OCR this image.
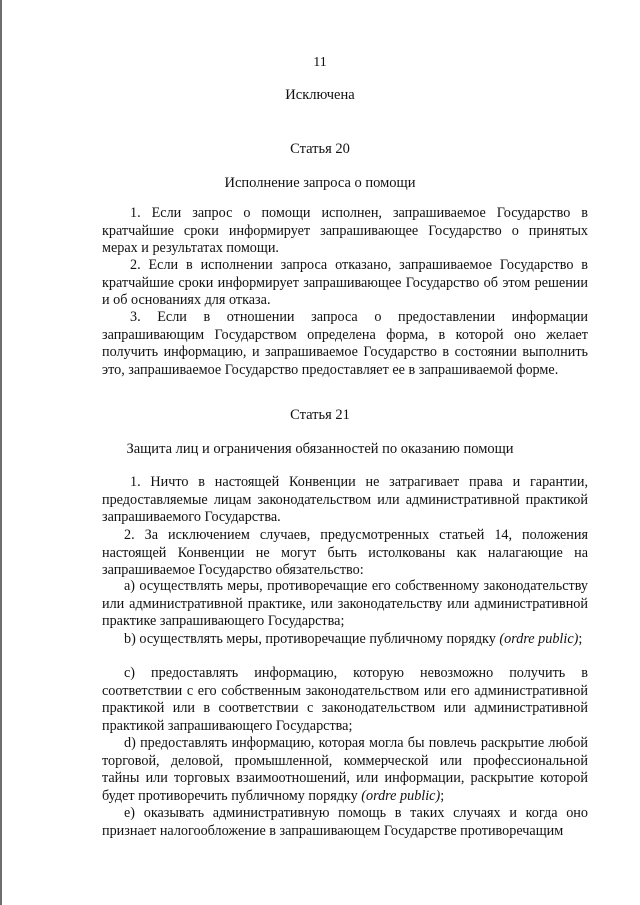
11
Исключена
Статья 20
Исполнение запроса о помощи

1. Если запрос о помощи исполнен, запрашиваемое Государство в кратчайшие сроки информирует запрашивающее Государство о принятых мерах и результатах помощи.

2. Если в исполнении запроса отказано, запрашиваемое Государство в кратчайшие сроки информирует запрашивающее Государство об этом решении и об основаниях для отказа.

3. Если в отношении запроса о предоставлении информации запрашивающим Государством определена форма, в которой оно желает получить информацию, и запрашиваемое Государство в состоянии выполнить это, запрашиваемое Государство предоставляет ее в запрашиваемой форме.

Статья 21
Защита лиц и ограничения обязанностей по оказанию помощи

1. Ничто в настоящей Конвенции не затрагивает права и гарантии, предоставляемые лицам законодательством или административной практикой запрашиваемого Государства.

2. За исключением случаев, предусмотренных статьей 14, положения настоящей Конвенции не могут быть истолкованы как налагающие на запрашиваемое Государство обязательство:

a) осуществлять меры, противоречащие его собственному законодательству или административной практике, или законодательству или административной практике запрашивающего Государства;

b) осуществлять меры, противоречащие публичному порядку (ordre public);

c) предоставлять информацию, которую невозможно получить в соответствии с его собственным законодательством или его административной практикой или в соответствии с законодательством или административной практикой запрашивающего Государства;

d) предоставлять информацию, которая могла бы повлечь раскрытие любой торговой, деловой, промышленной, коммерческой или профессиональной тайны или торговых взаимоотношений, или информации, раскрытие которой будет противоречить публичному порядку (ordre public);

e) оказывать административную помощь в таких случаях и когда оно признает налогообложение в запрашивающем Государстве противоречащим
